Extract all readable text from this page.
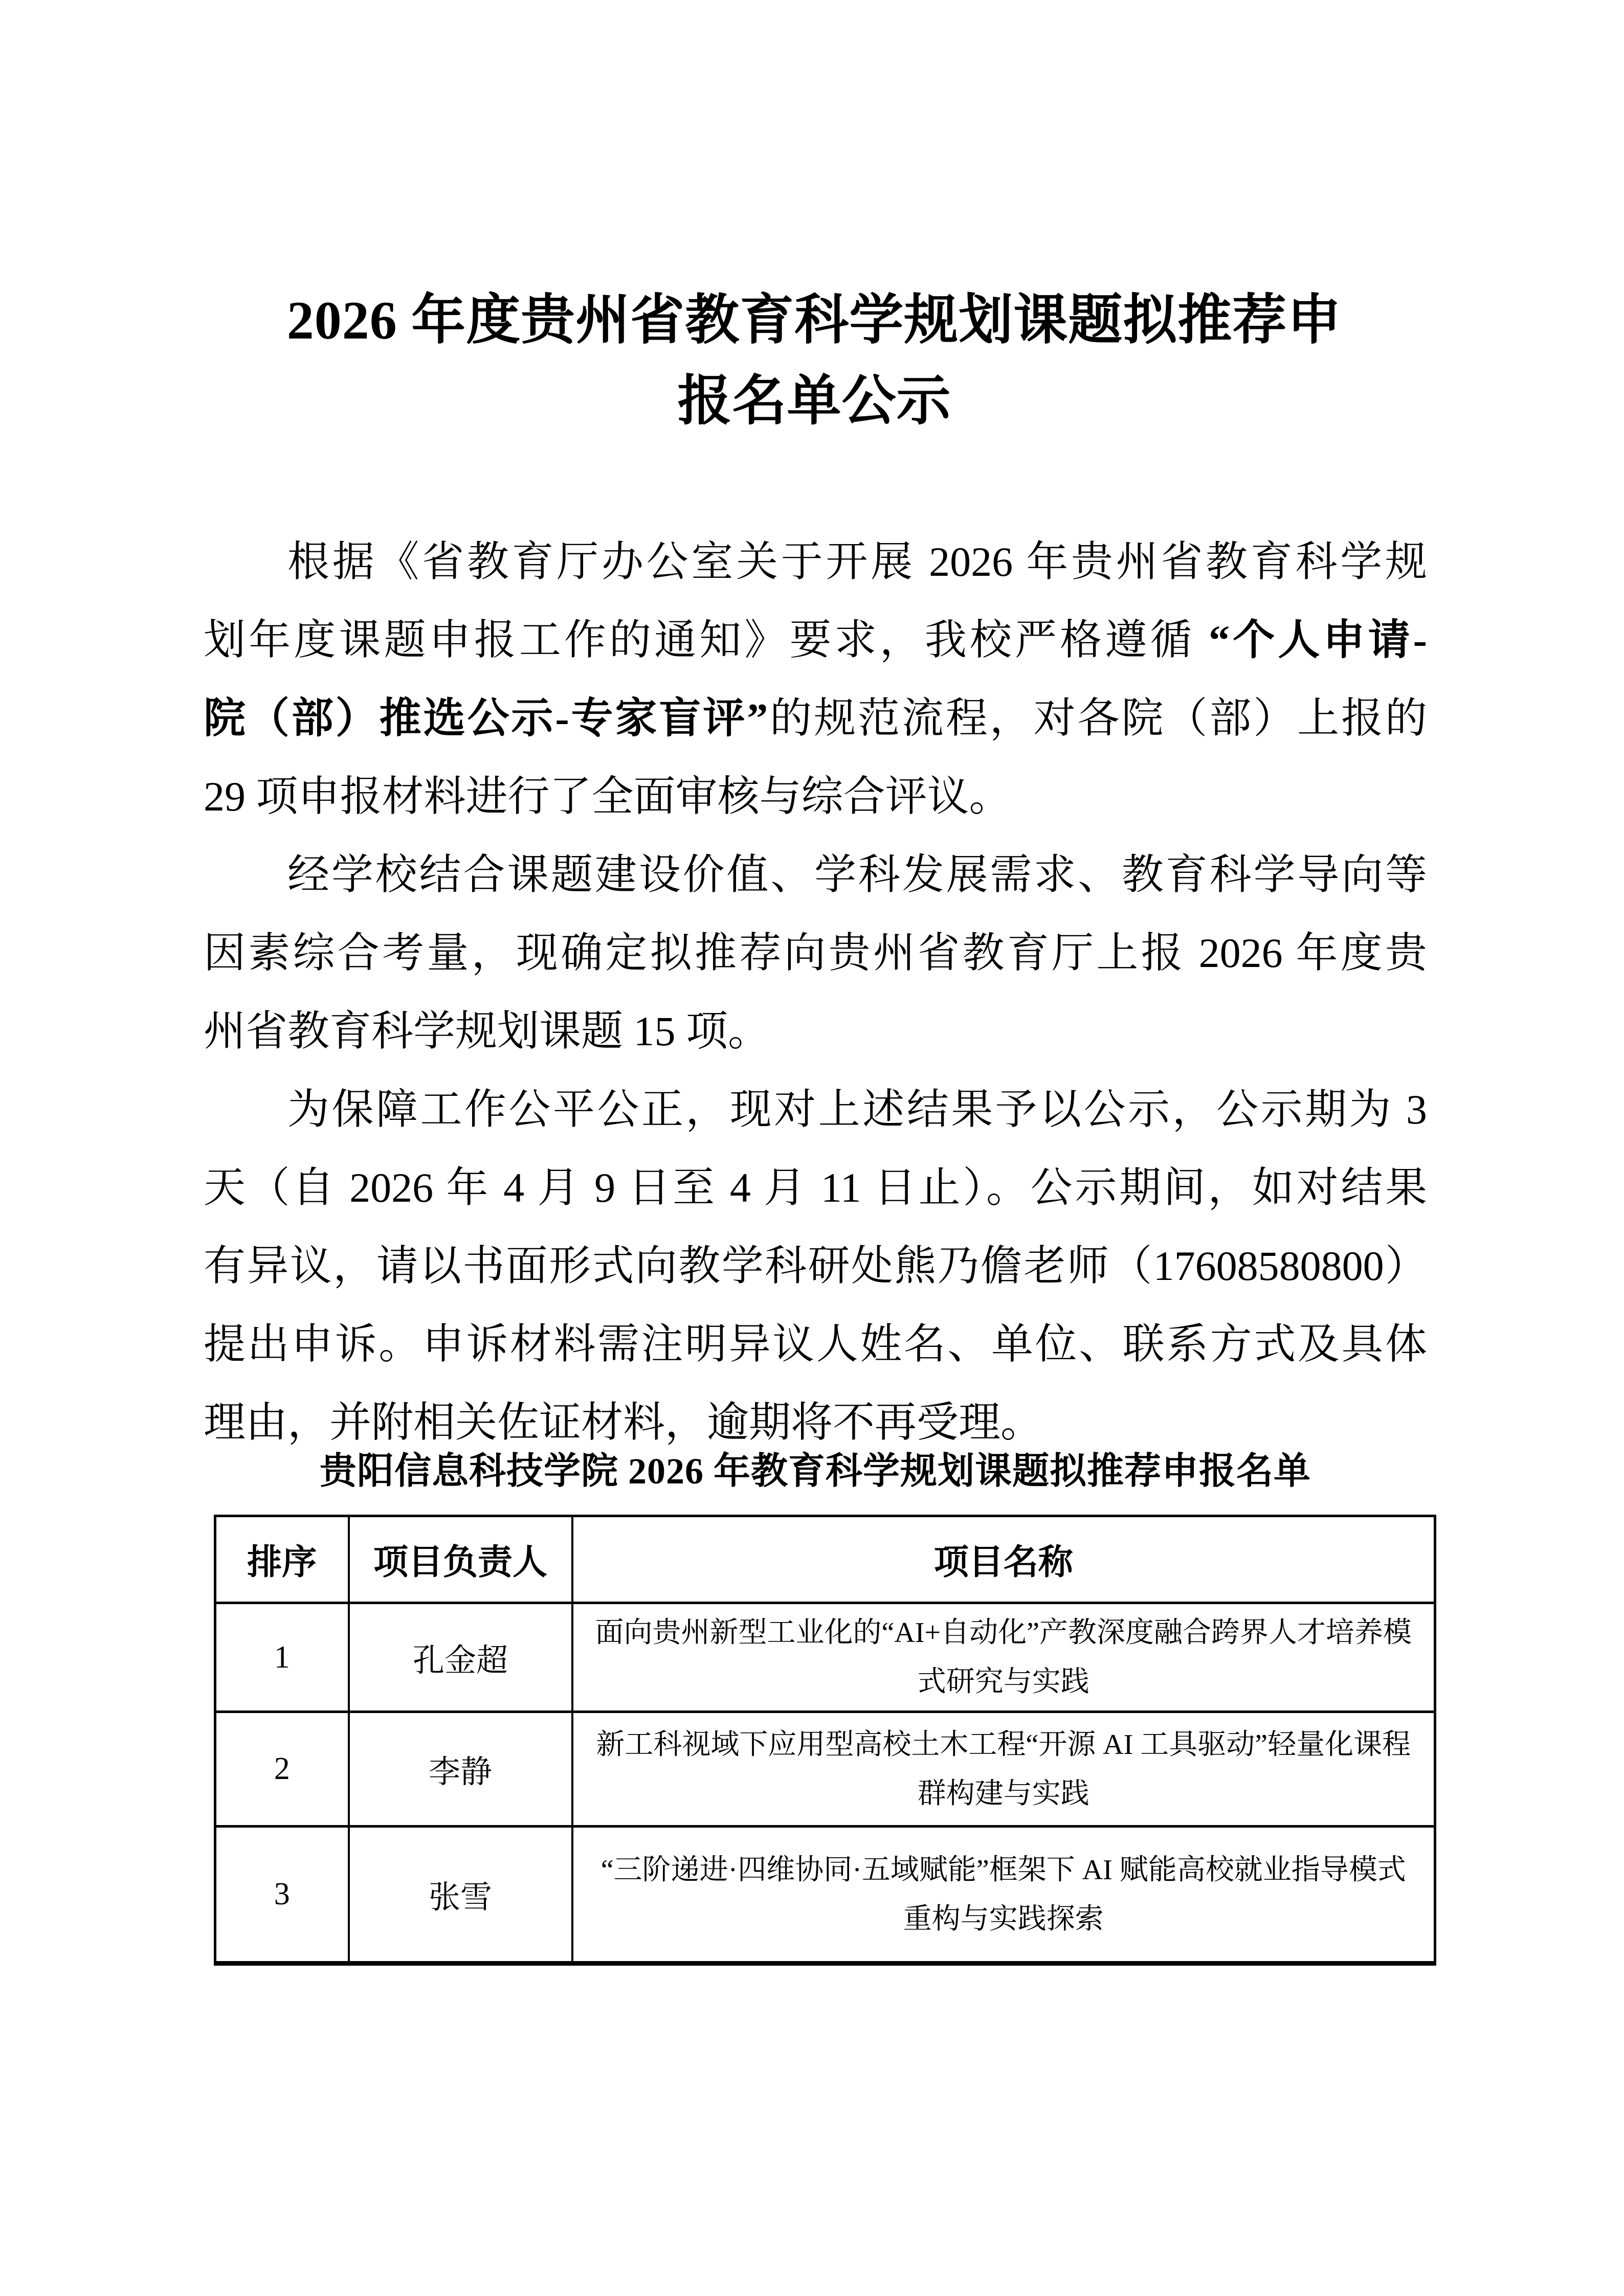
2026 年度贵州省教育科学规划课题拟推荐申
报名单公示
根据《省教育厅办公室关于开展 2026 年贵州省教育科学规
划年度课题申报工作的通知》要求，我校严格遵循 “个人申请-
院（部）推选公示-专家盲评”的规范流程，对各院（部）上报的
29 项申报材料进行了全面审核与综合评议。
经学校结合课题建设价值、学科发展需求、教育科学导向等
因素综合考量，现确定拟推荐向贵州省教育厅上报 2026 年度贵
州省教育科学规划课题 15 项。
为保障工作公平公正，现对上述结果予以公示，公示期为 3
天（自 2026 年 4 月 9 日至 4 月 11 日止）。公示期间，如对结果
有异议，请以书面形式向教学科研处熊乃儋老师（17608580800）
提出申诉。申诉材料需注明异议人姓名、单位、联系方式及具体
理由，并附相关佐证材料，逾期将不再受理。
贵阳信息科技学院 2026 年教育科学规划课题拟推荐申报名单
排序	项目负责人	项目名称
1	孔金超	面向贵州新型工业化的“AI+自动化”产教深度融合跨界人才培养模式研究与实践
2	李静	新工科视域下应用型高校土木工程“开源 AI 工具驱动”轻量化课程群构建与实践
3	张雪	“三阶递进·四维协同·五域赋能”框架下 AI 赋能高校就业指导模式重构与实践探索
